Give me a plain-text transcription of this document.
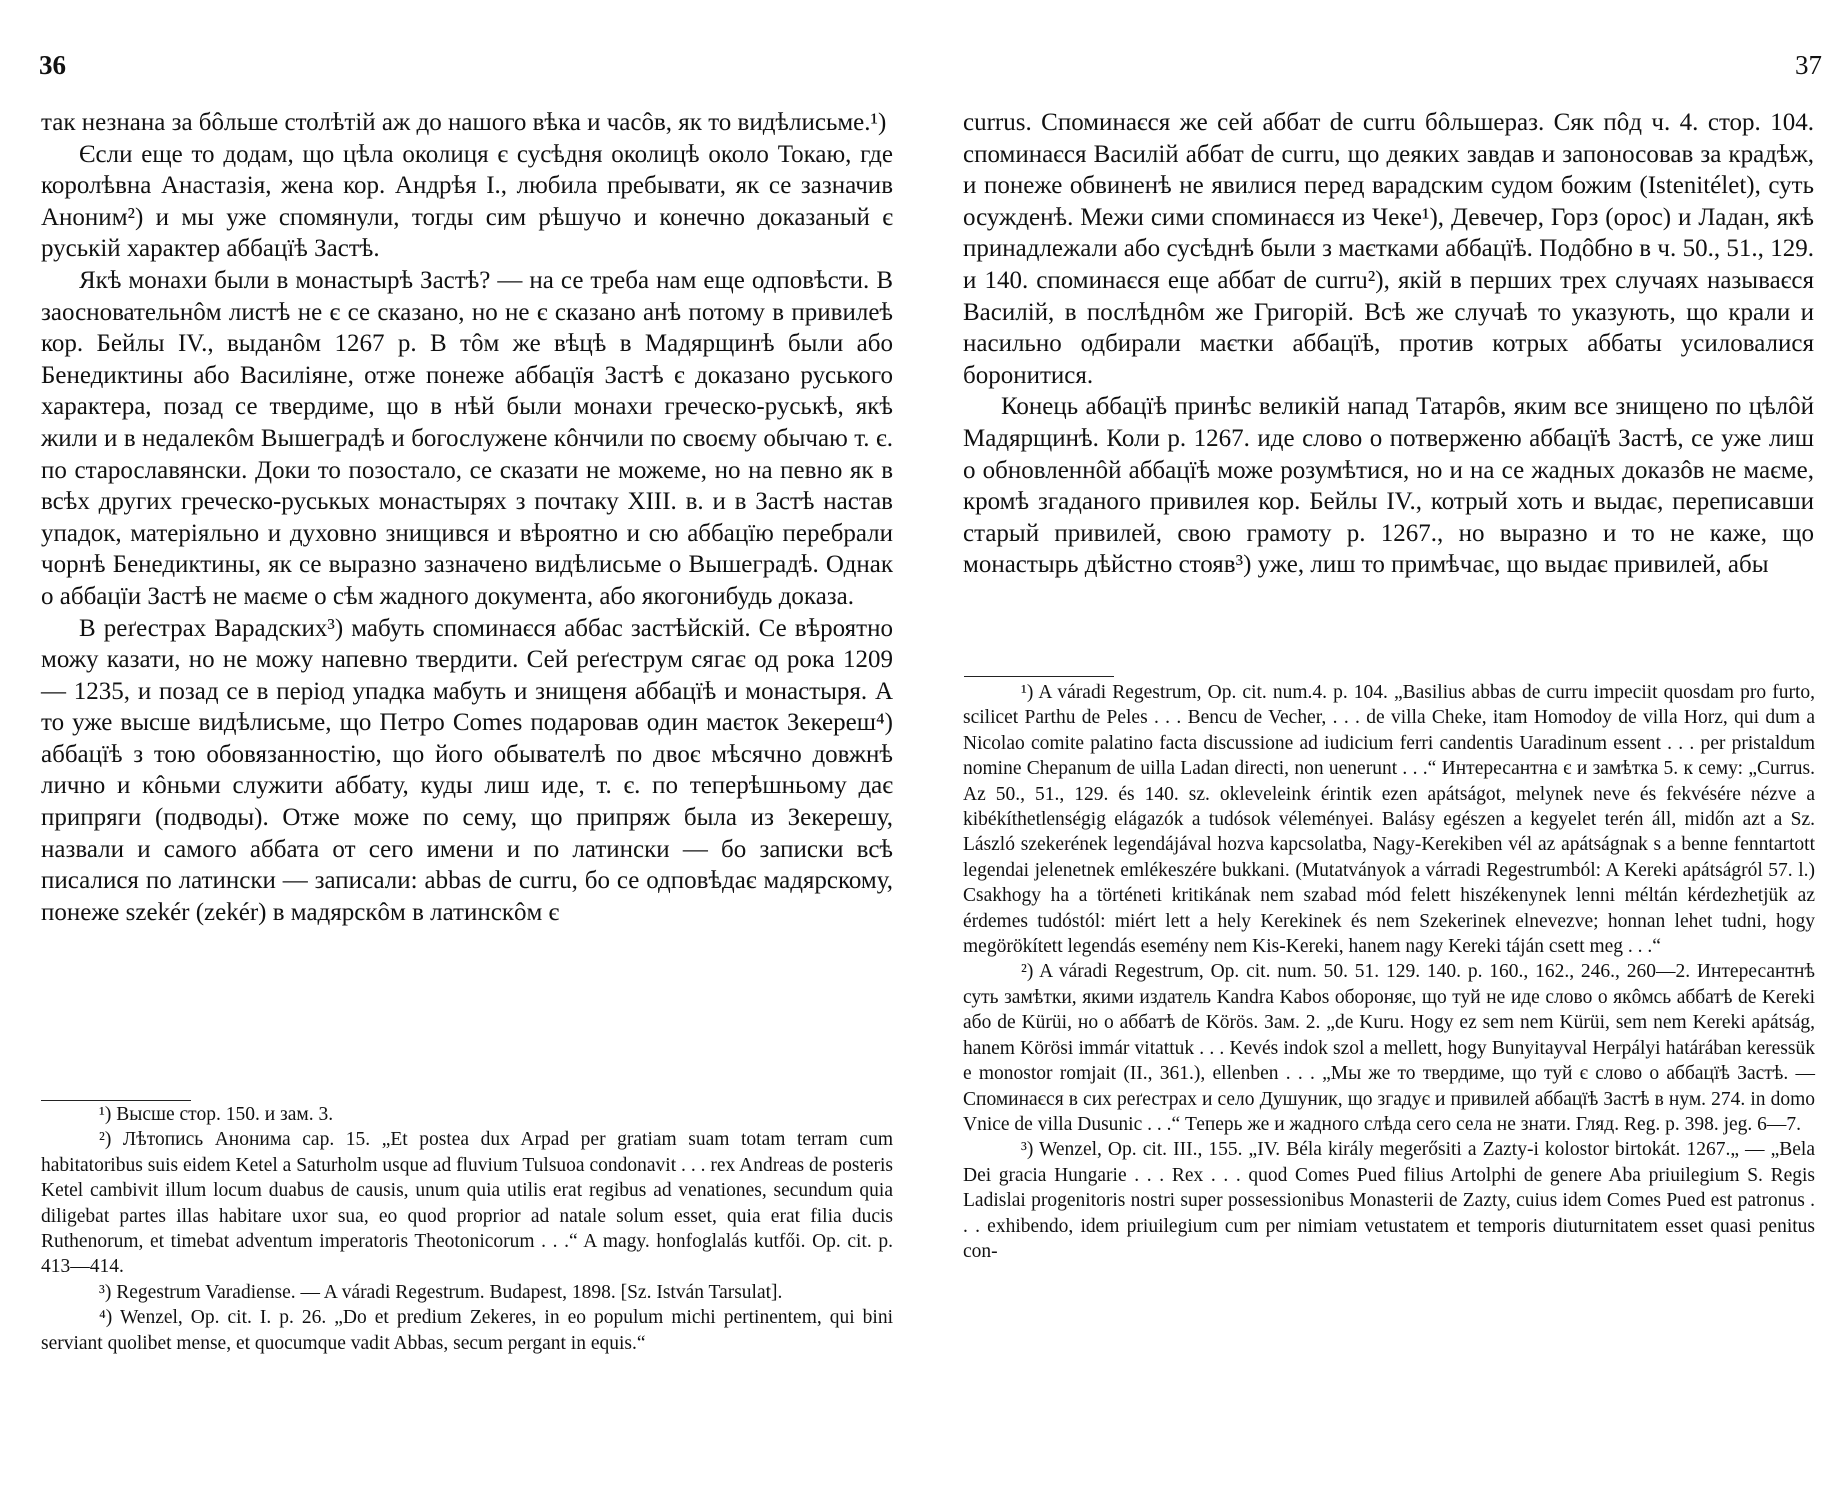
36

так незнана за бôльше столѣтій аж до нашого вѣка и часôв, як то видѣлисьме.¹)

Єсли еще то додам, що цѣла околиця є сусѣдня околицѣ около Токаю, где королѣвна Анастазія, жена кор. Андрѣя І., любила пребывати, як се зазначив Аноним²) и мы уже спомянули, тогды сим рѣшучо и конечно доказаный є руській характер аббацїѣ Застѣ.

Якѣ монахи были в монастырѣ Застѣ? — на се треба нам еще одповѣсти. В заосновательнôм листѣ не є се сказано, но не є сказано анѣ потому в привилеѣ кор. Бейлы IV., выданôм 1267 р. В тôм же вѣцѣ в Мадярщинѣ были або Бенедиктины або Василіяне, отже понеже аббацїя Застѣ є доказано руського характера, позад се твердиме, що в нѣй были монахи греческо-руськѣ, якѣ жили и в недалекôм Вышеградѣ и богослужене кôнчили по своєму обычаю т. є. по старославянски. Доки то позостало, се сказати не можеме, но на певно як в всѣх других греческо-руськых монастырях з почтаку XIII. в. и в Застѣ настав упадок, матеріяльно и духовно знищився и вѣроятно и сю аббацїю перебрали чорнѣ Бенедиктины, як се выразно зазначено видѣлисьме о Вышеградѣ. Однак о аббацїи Застѣ не маєме о сѣм жадного документа, або якогонибудь доказа.

В реґестрах Варадских³) мабуть споминаєся аббас застѣйскій. Се вѣроятно можу казати, но не можу напевно твердити. Сей реґеструм сягає од рока 1209 — 1235, и позад се в період упадка мабуть и знищеня аббацїѣ и монастыря. А то уже высше видѣлисьме, що Петро Comes подаровав один маєток Зекереш⁴) аббацїѣ з тою обовязанностію, що його обывателѣ по двоє мѣсячно довжнѣ лично и кôньми служити аббату, куды лиш иде, т. є. по теперѣшньому дає припряги (подводы). Отже може по сему, що припряж была из Зекерешу, назвали и самого аббата от сего имени и по латински — бо записки всѣ писалися по латински — записали: abbas de curru, бо се одповѣдає мадярскому, понеже szekér (zekér) в мадярскôм в латинскôм є

¹) Высше стор. 150. и зам. 3.

²) Лѣтопись Анонима cap. 15. „Et postea dux Arpad per gratiam suam totam terram cum habitatoribus suis eidem Ketel a Saturholm usque ad fluvium Tulsuoa condonavit . . . rex Andreas de posteris Ketel cambivit illum locum duabus de causis, unum quia utilis erat regibus ad venationes, secundum quia diligebat partes illas habitare uxor sua, eo quod proprior ad natale solum esset, quia erat filia ducis Ruthenorum, et timebat adventum imperatoris Theotonicorum . . .“ A magy. honfoglalás kutfői. Op. cit. p. 413—414.

³) Regestrum Varadiense. — A váradi Regestrum. Budapest, 1898. [Sz. István Tarsulat].

⁴) Wenzel, Op. cit. I. p. 26. „Do et predium Zekeres, in eo populum michi pertinentem, qui bini serviant quolibet mense, et quocumque vadit Abbas, secum pergant in equis.“

37

currus. Споминаєся же сей аббат de curru бôльшераз. Сяк пôд ч. 4. стор. 104. споминаєся Василій аббат de curru, що деяких завдав и запоносовав за крадѣж, и понеже обвиненѣ не явилися перед варадским судом божим (Istenitélet), суть осужденѣ. Межи сими споминаєся из Чеке¹), Девечер, Горз (орос) и Ладан, якѣ принадлежали або сусѣднѣ были з маєтками аббацїѣ. Подôбно в ч. 50., 51., 129. и 140. споминаєся еще аббат de curru²), якій в перших трех случаях называєся Василій, в послѣднôм же Григорій. Всѣ же случаѣ то указують, що крали и насильно одбирали маєтки аббацїѣ, против котрых аббаты усиловалися боронитися.

Конець аббацїѣ принѣс великій напад Татарôв, яким все знищено по цѣлôй Мадярщинѣ. Коли р. 1267. иде слово о потверженю аббацїѣ Застѣ, се уже лиш о обновленнôй аббацїѣ може розумѣтися, но и на се жадных доказôв не маєме, кромѣ згаданого привилея кор. Бейлы IV., котрый хоть и выдає, переписавши старый привилей, свою грамоту р. 1267., но выразно и то не каже, що монастырь дѣйстно стояв³) уже, лиш то примѣчає, що выдає привилей, абы

¹) A váradi Regestrum, Op. cit. num.4. p. 104. „Basilius abbas de curru impeciit quosdam pro furto, scilicet Parthu de Peles . . . Bencu de Vecher, . . . de villa Cheke, itam Homodoy de villa Horz, qui dum a Nicolao comite palatino facta discussione ad iudicium ferri candentis Uaradinum essent . . . per pristaldum nomine Chepanum de uilla Ladan directi, non uenerunt . . .“ Интересантна є и замѣтка 5. к сему: „Currus. Az 50., 51., 129. és 140. sz. okleveleink érintik ezen apátságot, melynek neve és fekvésére nézve a kibékíthetlenségig elágazók a tudósok véleményei. Balásy egészen a kegyelet terén áll, midőn azt a Sz. László szekerének legendájával hozva kapcsolatba, Nagy-Kerekiben vél az apátságnak s a benne fenntartott legendai jelenetnek emlékeszére bukkani. (Mutatványok a várradi Regestrumból: A Kereki apátságról 57. l.) Csakhogy ha a történeti kritikának nem szabad mód felett hiszékenynek lenni méltán kérdezhetjük az érdemes tudóstól: miért lett a hely Kerekinek és nem Szekerinek elnevezve; honnan lehet tudni, hogy megörökített legendás esemény nem Kis-Kereki, hanem nagy Kereki táján csett meg . . .“

²) A váradi Regestrum, Op. cit. num. 50. 51. 129. 140. p. 160., 162., 246., 260—2. Интересантнѣ суть замѣтки, якими издатель Kandra Kabos обороняє, що туй не иде слово о якôмсь аббатѣ de Kereki або de Kürüi, но о аббатѣ de Körös. Зам. 2. „de Kuru. Hogy ez sem nem Kürüi, sem nem Kereki apátság, hanem Körösi immár vitattuk . . . Kevés indok szol a mellett, hogy Bunyitayval Herpályi határában keressük e monostor romjait (II., 361.), ellenben . . . „Мы же то твердиме, що туй є слово о аббацїѣ Застѣ. — Споминаєся в сих реґестрах и село Душуник, що згадує и привилей аббацїѣ Застѣ в нум. 274. in domo Vnice de villa Dusunic . . .“ Теперь же и жадного слѣда сего села не знати. Гляд. Reg. p. 398. jeg. 6—7.

³) Wenzel, Op. cit. III., 155. „IV. Béla király megerősiti a Zazty-i kolostor birtokát. 1267.„ — „Bela Dei gracia Hungarie . . . Rex . . . quod Comes Pued filius Artolphi de genere Aba priuilegium S. Regis Ladislai progenitoris nostri super possessionibus Monasterii de Zazty, cuius idem Comes Pued est patronus . . . exhibendo, idem priuilegium cum per nimiam vetustatem et temporis diuturnitatem esset quasi penitus con-
